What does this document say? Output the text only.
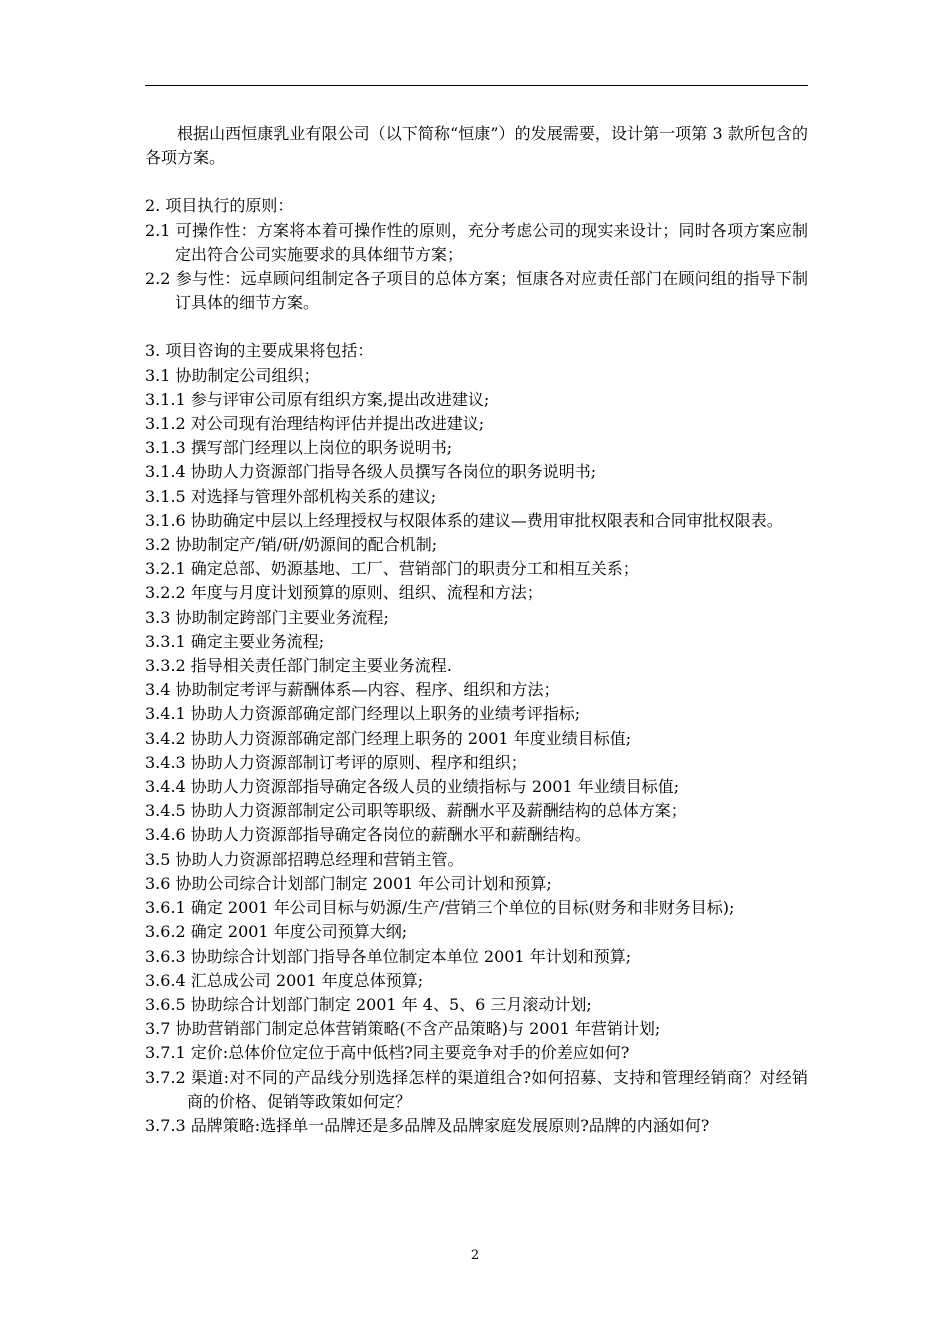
根据山西恒康乳业有限公司（以下简称“恒康”）的发展需要，设计第一项第 3 款所包含的各项方案。

2. 项目执行的原则：

2.1 可操作性：方案将本着可操作性的原则，充分考虑公司的现实来设计；同时各项方案应制定出符合公司实施要求的具体细节方案；

2.2 参与性：远卓顾问组制定各子项目的总体方案；恒康各对应责任部门在顾问组的指导下制订具体的细节方案。

3. 项目咨询的主要成果将包括：

3.1 协助制定公司组织；

3.1.1 参与评审公司原有组织方案,提出改进建议;

3.1.2 对公司现有治理结构评估并提出改进建议;

3.1.3 撰写部门经理以上岗位的职务说明书;

3.1.4 协助人力资源部门指导各级人员撰写各岗位的职务说明书;

3.1.5 对选择与管理外部机构关系的建议;

3.1.6 协助确定中层以上经理授权与权限体系的建议—费用审批权限表和合同审批权限表。

3.2 协助制定产/销/研/奶源间的配合机制;

3.2.1 确定总部、奶源基地、工厂、营销部门的职责分工和相互关系；

3.2.2 年度与月度计划预算的原则、组织、流程和方法；

3.3 协助制定跨部门主要业务流程;

3.3.1 确定主要业务流程;

3.3.2 指导相关责任部门制定主要业务流程.

3.4 协助制定考评与薪酬体系—内容、程序、组织和方法；

3.4.1 协助人力资源部确定部门经理以上职务的业绩考评指标;

3.4.2 协助人力资源部确定部门经理上职务的 2001 年度业绩目标值;

3.4.3 协助人力资源部制订考评的原则、程序和组织；

3.4.4 协助人力资源部指导确定各级人员的业绩指标与 2001 年业绩目标值;

3.4.5 协助人力资源部制定公司职等职级、薪酬水平及薪酬结构的总体方案；

3.4.6 协助人力资源部指导确定各岗位的薪酬水平和薪酬结构。

3.5 协助人力资源部招聘总经理和营销主管。

3.6 协助公司综合计划部门制定 2001 年公司计划和预算;

3.6.1 确定 2001 年公司目标与奶源/生产/营销三个单位的目标(财务和非财务目标);

3.6.2 确定 2001 年度公司预算大纲;

3.6.3 协助综合计划部门指导各单位制定本单位 2001 年计划和预算;

3.6.4 汇总成公司 2001 年度总体预算;

3.6.5 协助综合计划部门制定 2001 年 4、5、6 三月滚动计划;

3.7 协助营销部门制定总体营销策略(不含产品策略)与 2001 年营销计划;

3.7.1 定价:总体价位定位于高中低档?同主要竞争对手的价差应如何?

3.7.2 渠道:对不同的产品线分别选择怎样的渠道组合?如何招募、支持和管理经销商？对经销商的价格、促销等政策如何定？

3.7.3 品牌策略:选择单一品牌还是多品牌及品牌家庭发展原则?品牌的内涵如何?

2
